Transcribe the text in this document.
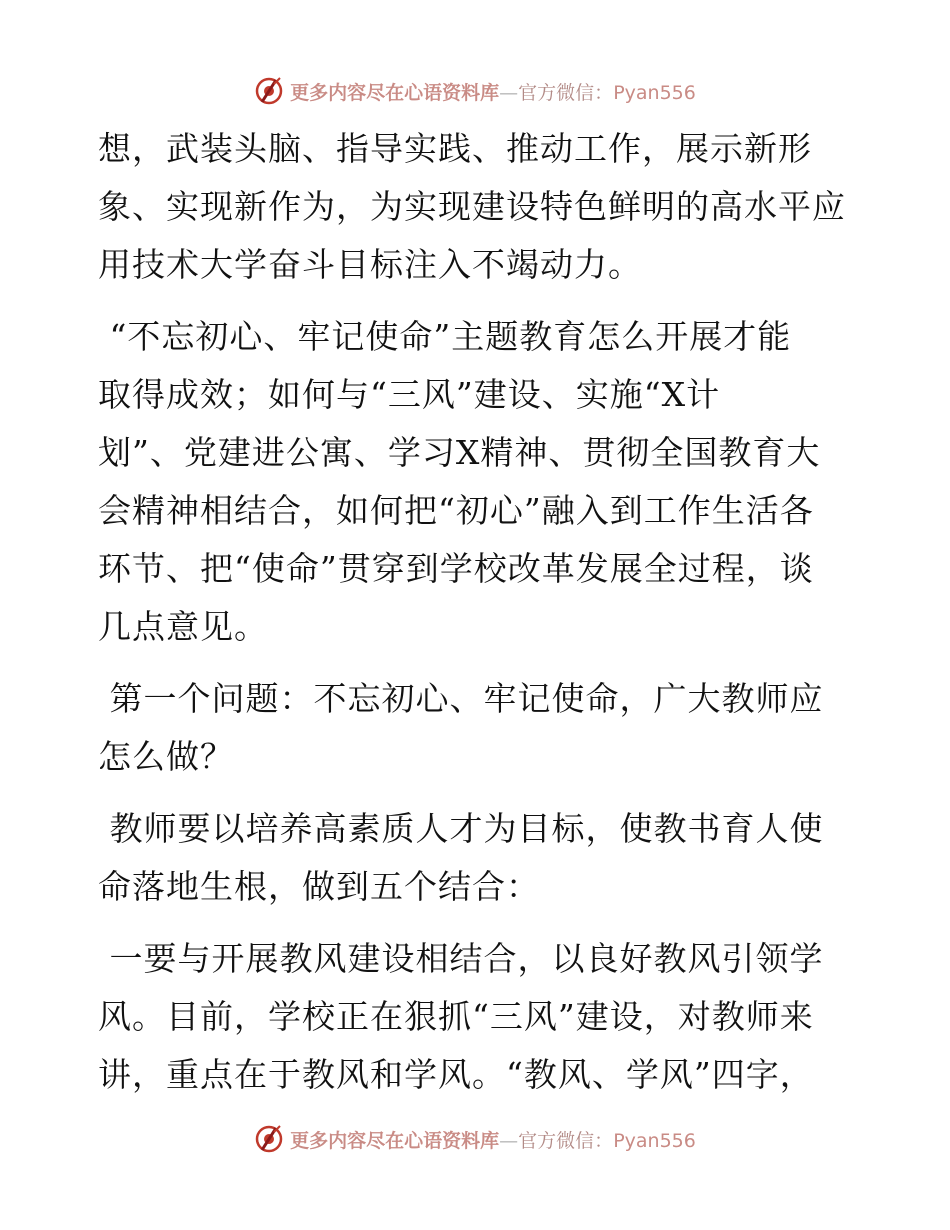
更多内容尽在心语资料库—官方微信：Pyan556

想，武装头脑、指导实践、推动工作，展示新形
象、实现新作为，为实现建设特色鲜明的高水平应
用技术大学奋斗目标注入不竭动力。

“不忘初心、牢记使命”主题教育怎么开展才能
取得成效；如何与“三风”建设、实施“X计
划”、党建进公寓、学习X精神、贯彻全国教育大
会精神相结合，如何把“初心”融入到工作生活各
环节、把“使命”贯穿到学校改革发展全过程，谈
几点意见。

第一个问题：不忘初心、牢记使命，广大教师应
怎么做？

教师要以培养高素质人才为目标，使教书育人使
命落地生根，做到五个结合：

一要与开展教风建设相结合，以良好教风引领学
风。目前，学校正在狠抓“三风”建设，对教师来
讲，重点在于教风和学风。“教风、学风”四字，

更多内容尽在心语资料库—官方微信：Pyan556
